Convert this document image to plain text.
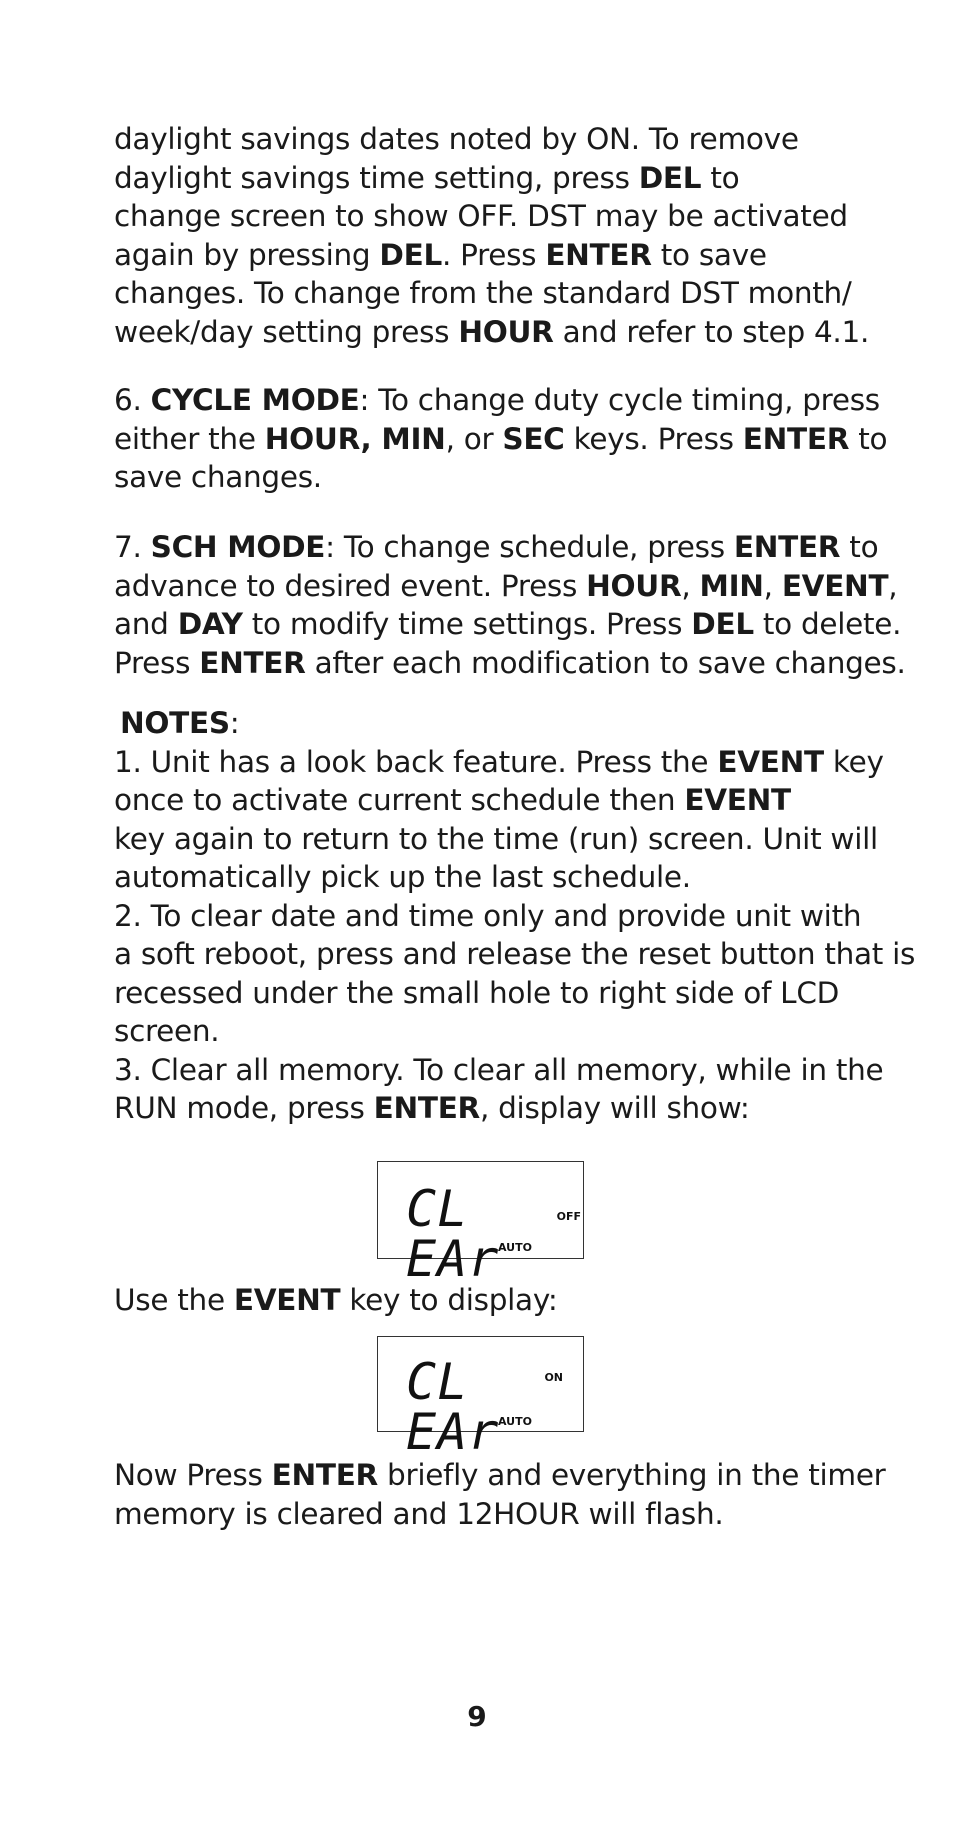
daylight savings dates noted by ON. To remove
daylight savings time setting, press DEL to
change screen to show OFF. DST may be activated
again by pressing DEL. Press ENTER to save
changes. To change from the standard DST month/
week/day setting press HOUR and refer to step 4.1.
6. CYCLE MODE: To change duty cycle timing, press
either the HOUR, MIN, or SEC keys. Press ENTER to
save changes.
7. SCH MODE: To change schedule, press ENTER to
advance to desired event. Press HOUR, MIN, EVENT,
and DAY to modify time settings. Press DEL to delete.
Press ENTER after each modification to save changes.
NOTES:
1. Unit has a look back feature. Press the EVENT key
once to activate current schedule then EVENT
key again to return to the time (run) screen. Unit will
automatically pick up the last schedule.
2. To clear date and time only and provide unit with
a soft reboot, press and release the reset button that is
recessed under the small hole to right side of LCD
screen.
3. Clear all memory. To clear all memory, while in the
RUN mode, press ENTER, display will show:
CL EAr
OFF
AUTO
Use the EVENT key to display:
CL EAr
ON
AUTO
Now Press ENTER briefly and everything in the timer
memory is cleared and 12HOUR will flash.
9
